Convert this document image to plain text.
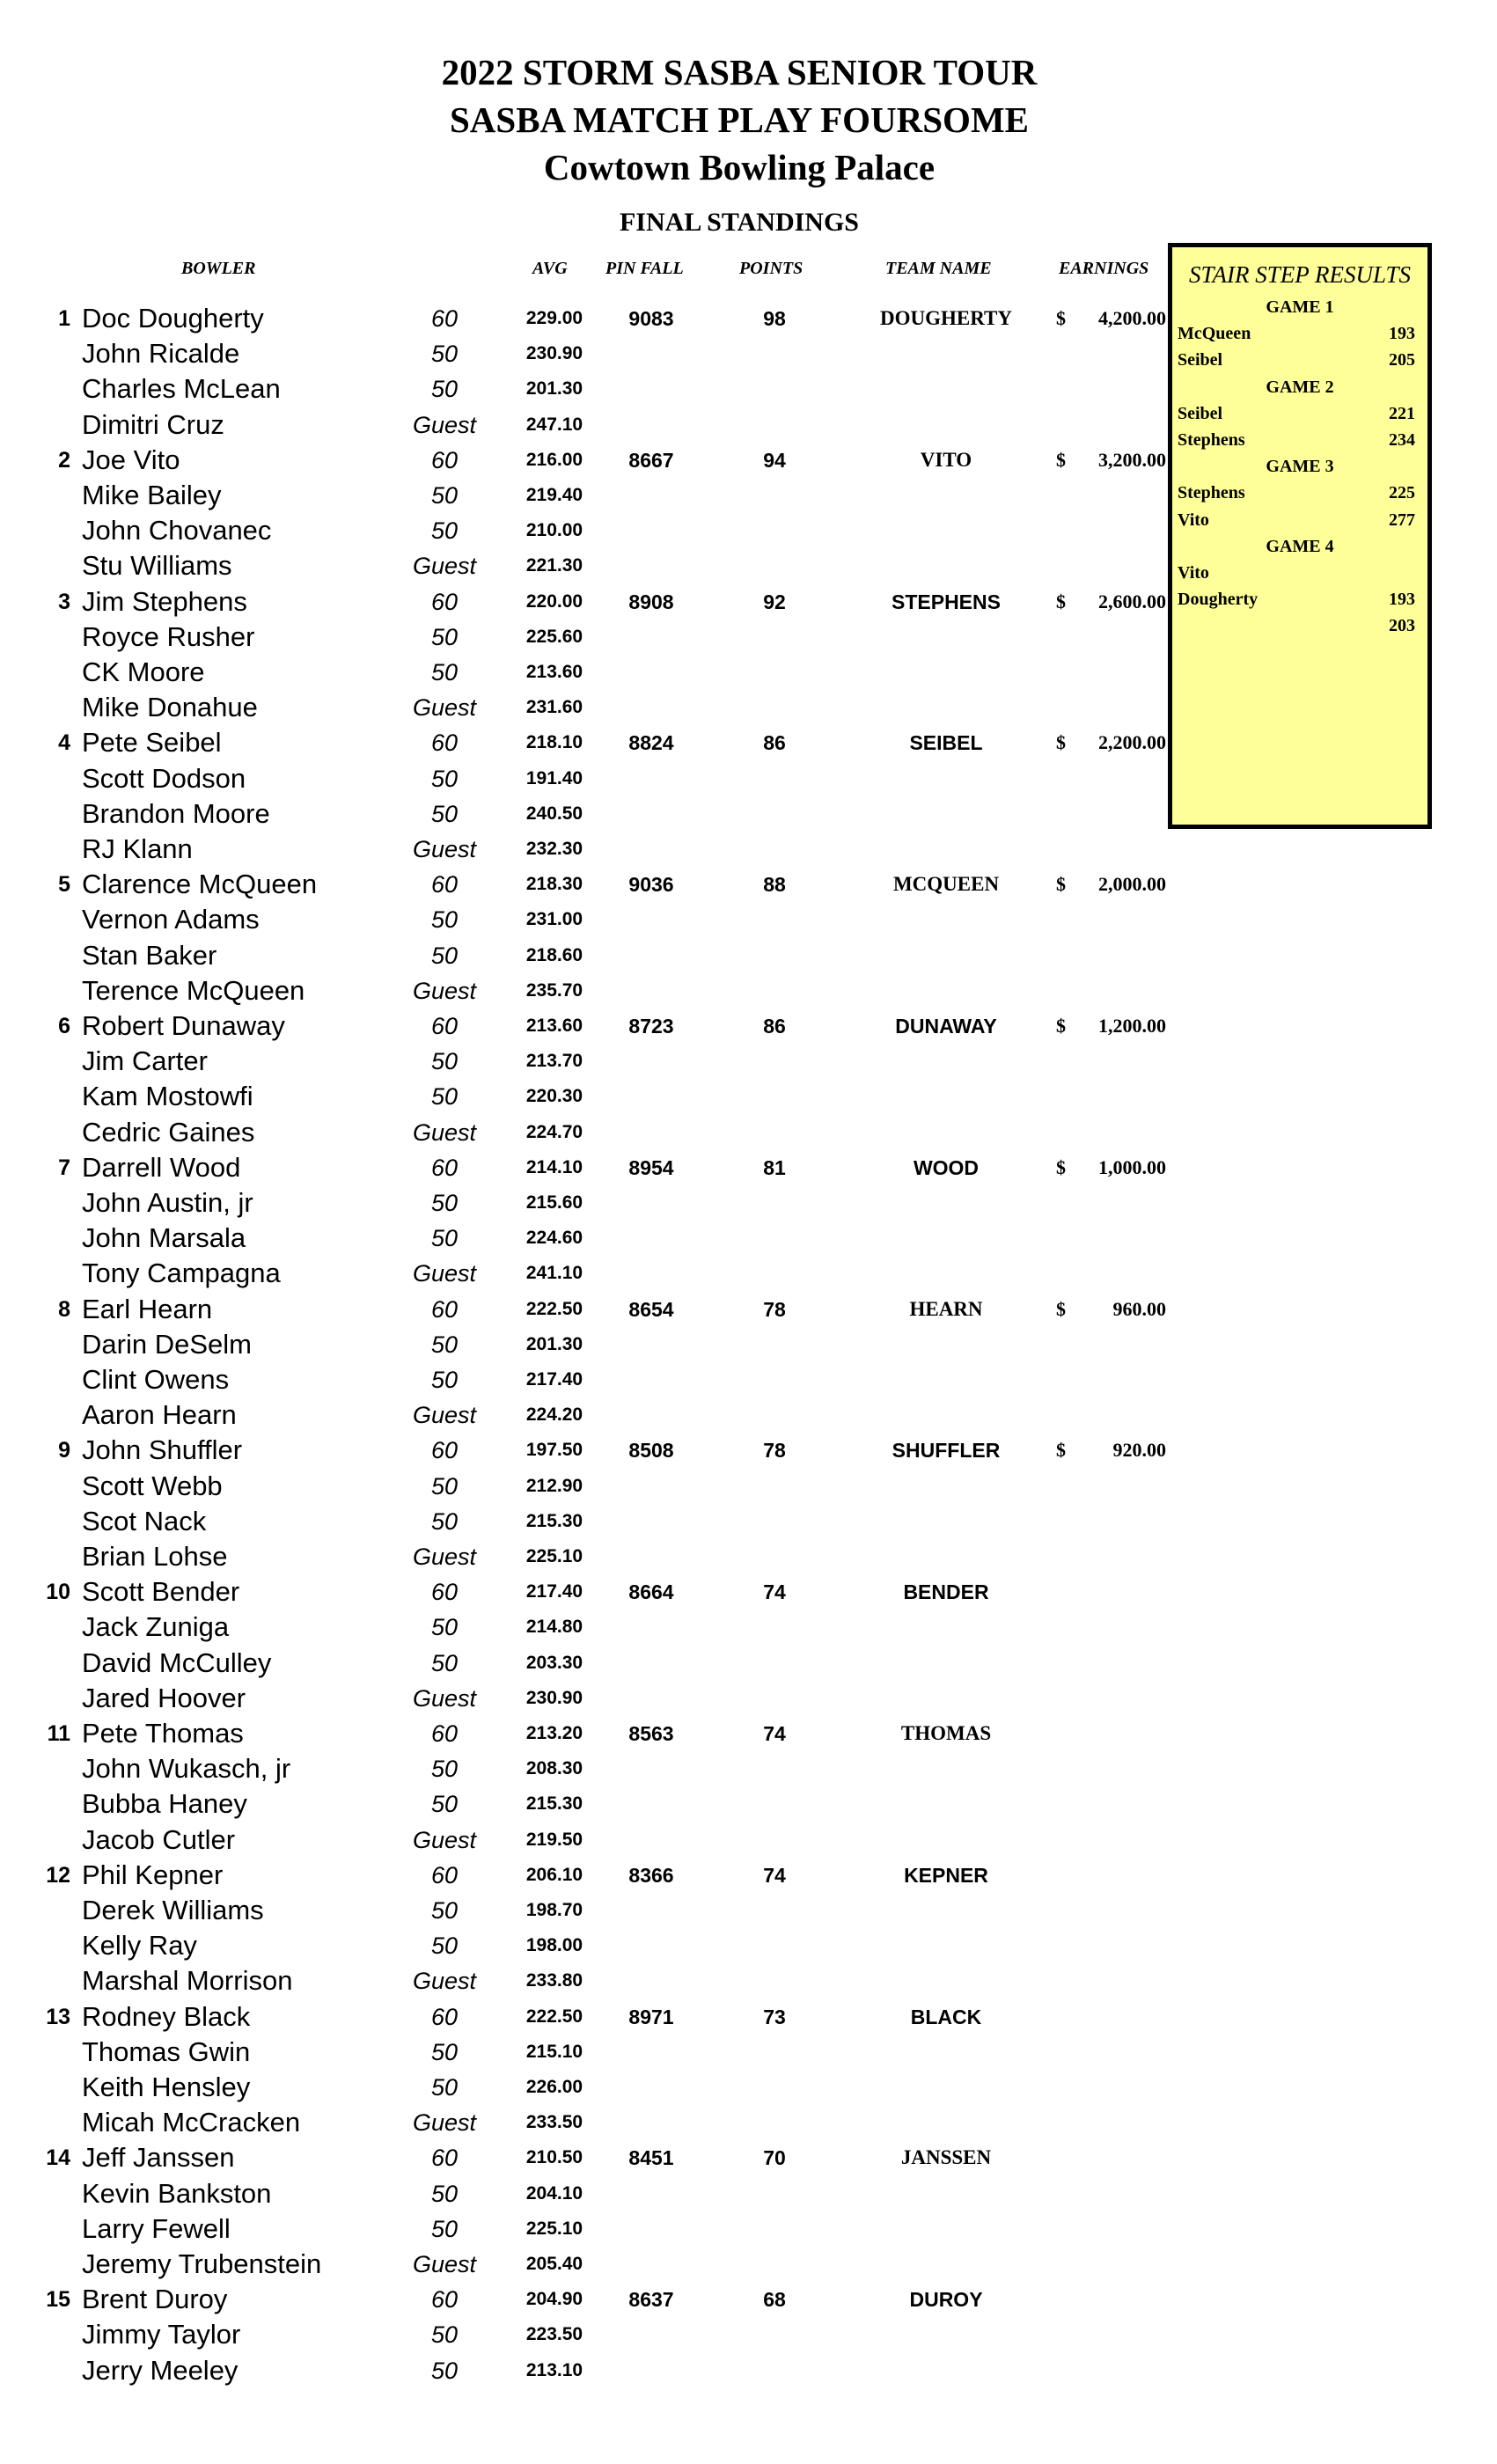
2022 STORM SASBA SENIOR TOUR
SASBA MATCH PLAY FOURSOME
Cowtown Bowling Palace
FINAL STANDINGS
BOWLER	AVG PIN FALL	POINTS	TEAM NAME	EARNINGS
1 Doc Dougherty	60	229.00	9083	98	DOUGHERTY	$ 4,200.00
John Ricalde	50	230.90
Charles McLean	50	201.30
Dimitri Cruz	Guest	247.10
2 Joe Vito	60	216.00	8667	94	VITO	$ 3,200.00
Mike Bailey	50	219.40
John Chovanec	50	210.00
Stu Williams	Guest	221.30
3 Jim Stephens	60	220.00	8908	92	STEPHENS	$ 2,600.00
Royce Rusher	50	225.60
CK Moore	50	213.60
Mike Donahue	Guest	231.60
4 Pete Seibel	60	218.10	8824	86	SEIBEL	$ 2,200.00
Scott Dodson	50	191.40
Brandon Moore	50	240.50
RJ Klann	Guest	232.30
5 Clarence McQueen	60	218.30	9036	88	MCQUEEN	$ 2,000.00
Vernon Adams	50	231.00
Stan Baker	50	218.60
Terence McQueen	Guest	235.70
6 Robert Dunaway	60	213.60	8723	86	DUNAWAY	$ 1,200.00
Jim Carter	50	213.70
Kam Mostowfi	50	220.30
Cedric Gaines	Guest	224.70
7 Darrell Wood	60	214.10	8954	81	WOOD	$ 1,000.00
John Austin, jr	50	215.60
John Marsala	50	224.60
Tony Campagna	Guest	241.10
8 Earl Hearn	60	222.50	8654	78	HEARN	$ 960.00
Darin DeSelm	50	201.30
Clint Owens	50	217.40
Aaron Hearn	Guest	224.20
9 John Shuffler	60	197.50	8508	78	SHUFFLER	$ 920.00
Scott Webb	50	212.90
Scot Nack	50	215.30
Brian Lohse	Guest	225.10
10 Scott Bender	60	217.40	8664	74	BENDER
Jack Zuniga	50	214.80
David McCulley	50	203.30
Jared Hoover	Guest	230.90
11 Pete Thomas	60	213.20	8563	74	THOMAS
John Wukasch, jr	50	208.30
Bubba Haney	50	215.30
Jacob Cutler	Guest	219.50
12 Phil Kepner	60	206.10	8366	74	KEPNER
Derek Williams	50	198.70
Kelly Ray	50	198.00
Marshal Morrison	Guest	233.80
13 Rodney Black	60	222.50	8971	73	BLACK
Thomas Gwin	50	215.10
Keith Hensley	50	226.00
Micah McCracken	Guest	233.50
14 Jeff Janssen	60	210.50	8451	70	JANSSEN
Kevin Bankston	50	204.10
Larry Fewell	50	225.10
Jeremy Trubenstein	Guest	205.40
15 Brent Duroy	60	204.90	8637	68	DUROY
Jimmy Taylor	50	223.50
Jerry Meeley	50	213.10
STAIR STEP RESULTS
GAME 1
McQueen	193
Seibel	205
GAME 2
Seibel	221
Stephens	234
GAME 3
Stephens	225
Vito	277
GAME 4
Vito
Dougherty	193
203
